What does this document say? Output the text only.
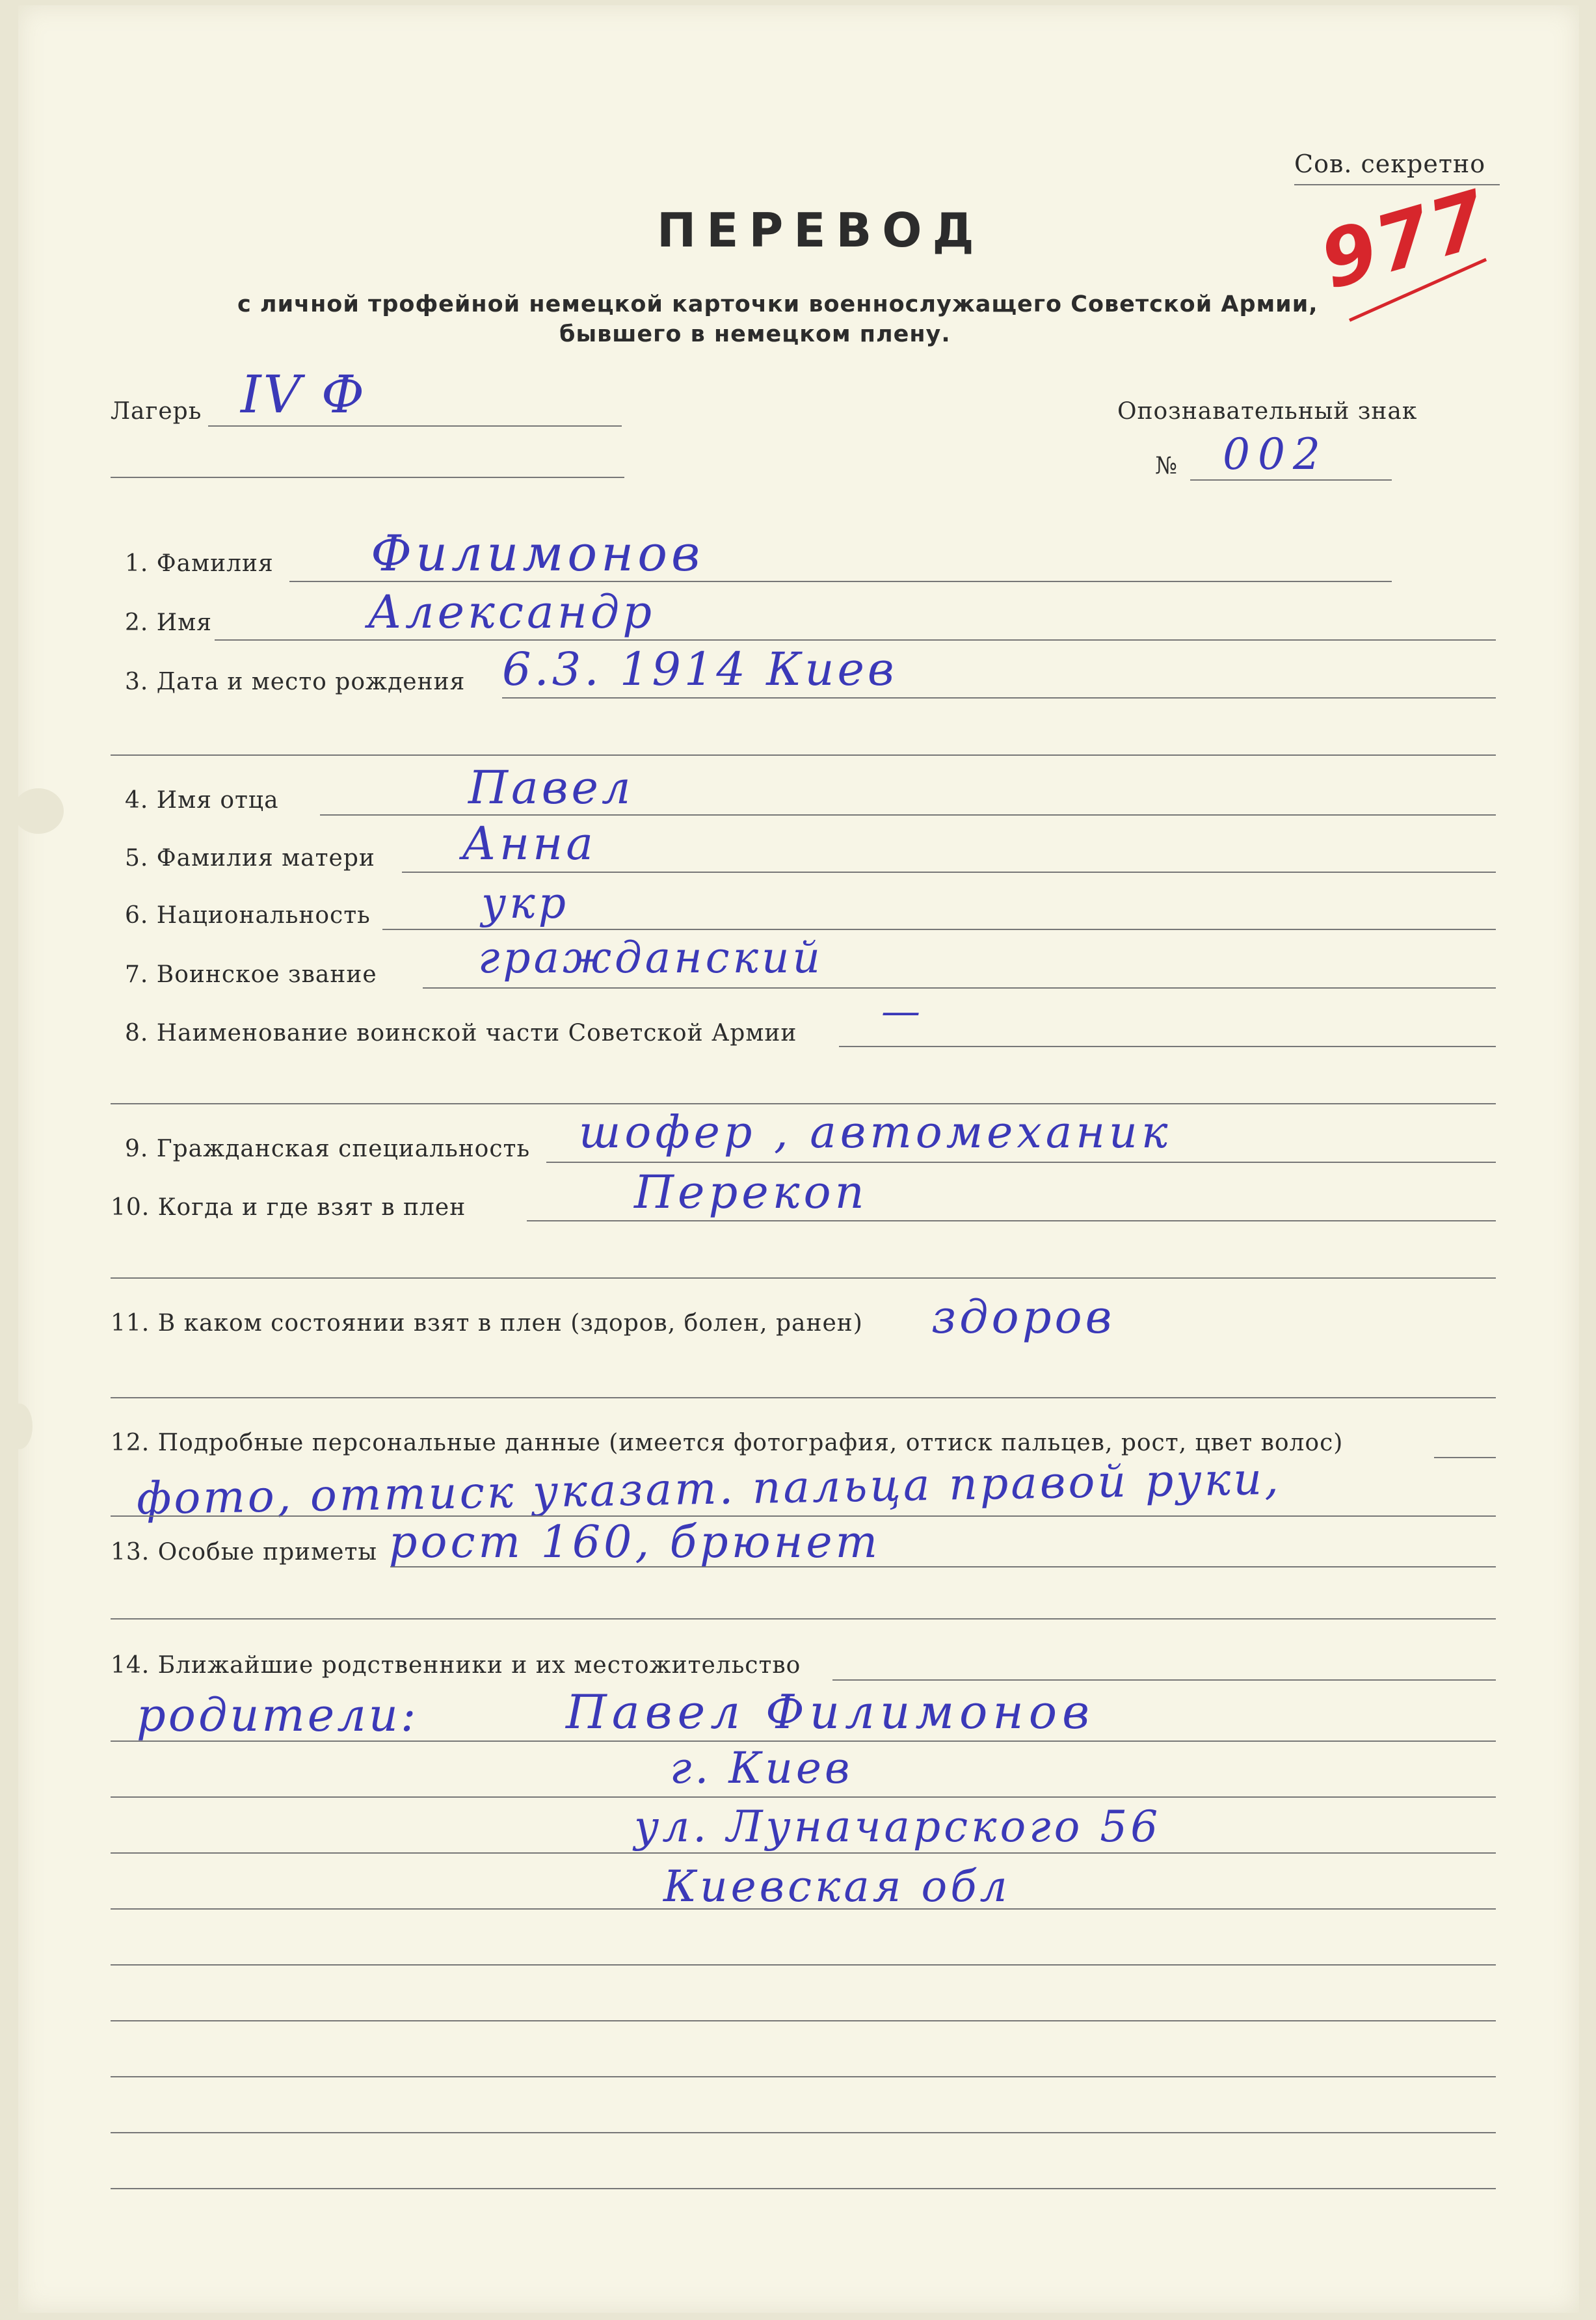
Сов. секретно
ПЕРЕВОД
с личной трофейной немецкой карточки военнослужащего Советской Армии,
бывшего в немецком плену.
977
Лагерь IV Ф	Опознавательный знак
№ 002
1. Фамилия Филимонов
2. Имя	Александр
3. Дата и место рождения 6.3. 1914 Киев
4. Имя отца	Павел
5. Фамилия матери Анна
6. Национальность	укр
7. Воинское звание гражданский
8. Наименование воинской части Советской Армии —
9. Гражданская специальность шофер , автомеханик
10. Когда и где взят в плен	Перекоп
11. В каком состоянии взят в плен (здоров, болен, ранен) здоров
12. Подробные персональные данные (имеется фотография, оттиск пальцев, рост, цвет волос)
фото, оттиск указат. пальца правой руки,
13. Особые приметы рост 160, брюнет
14. Ближайшие родственники и их местожительство
родители:	Павел Филимонов
г. Киев
ул. Луначарского 56
Киевская обл
